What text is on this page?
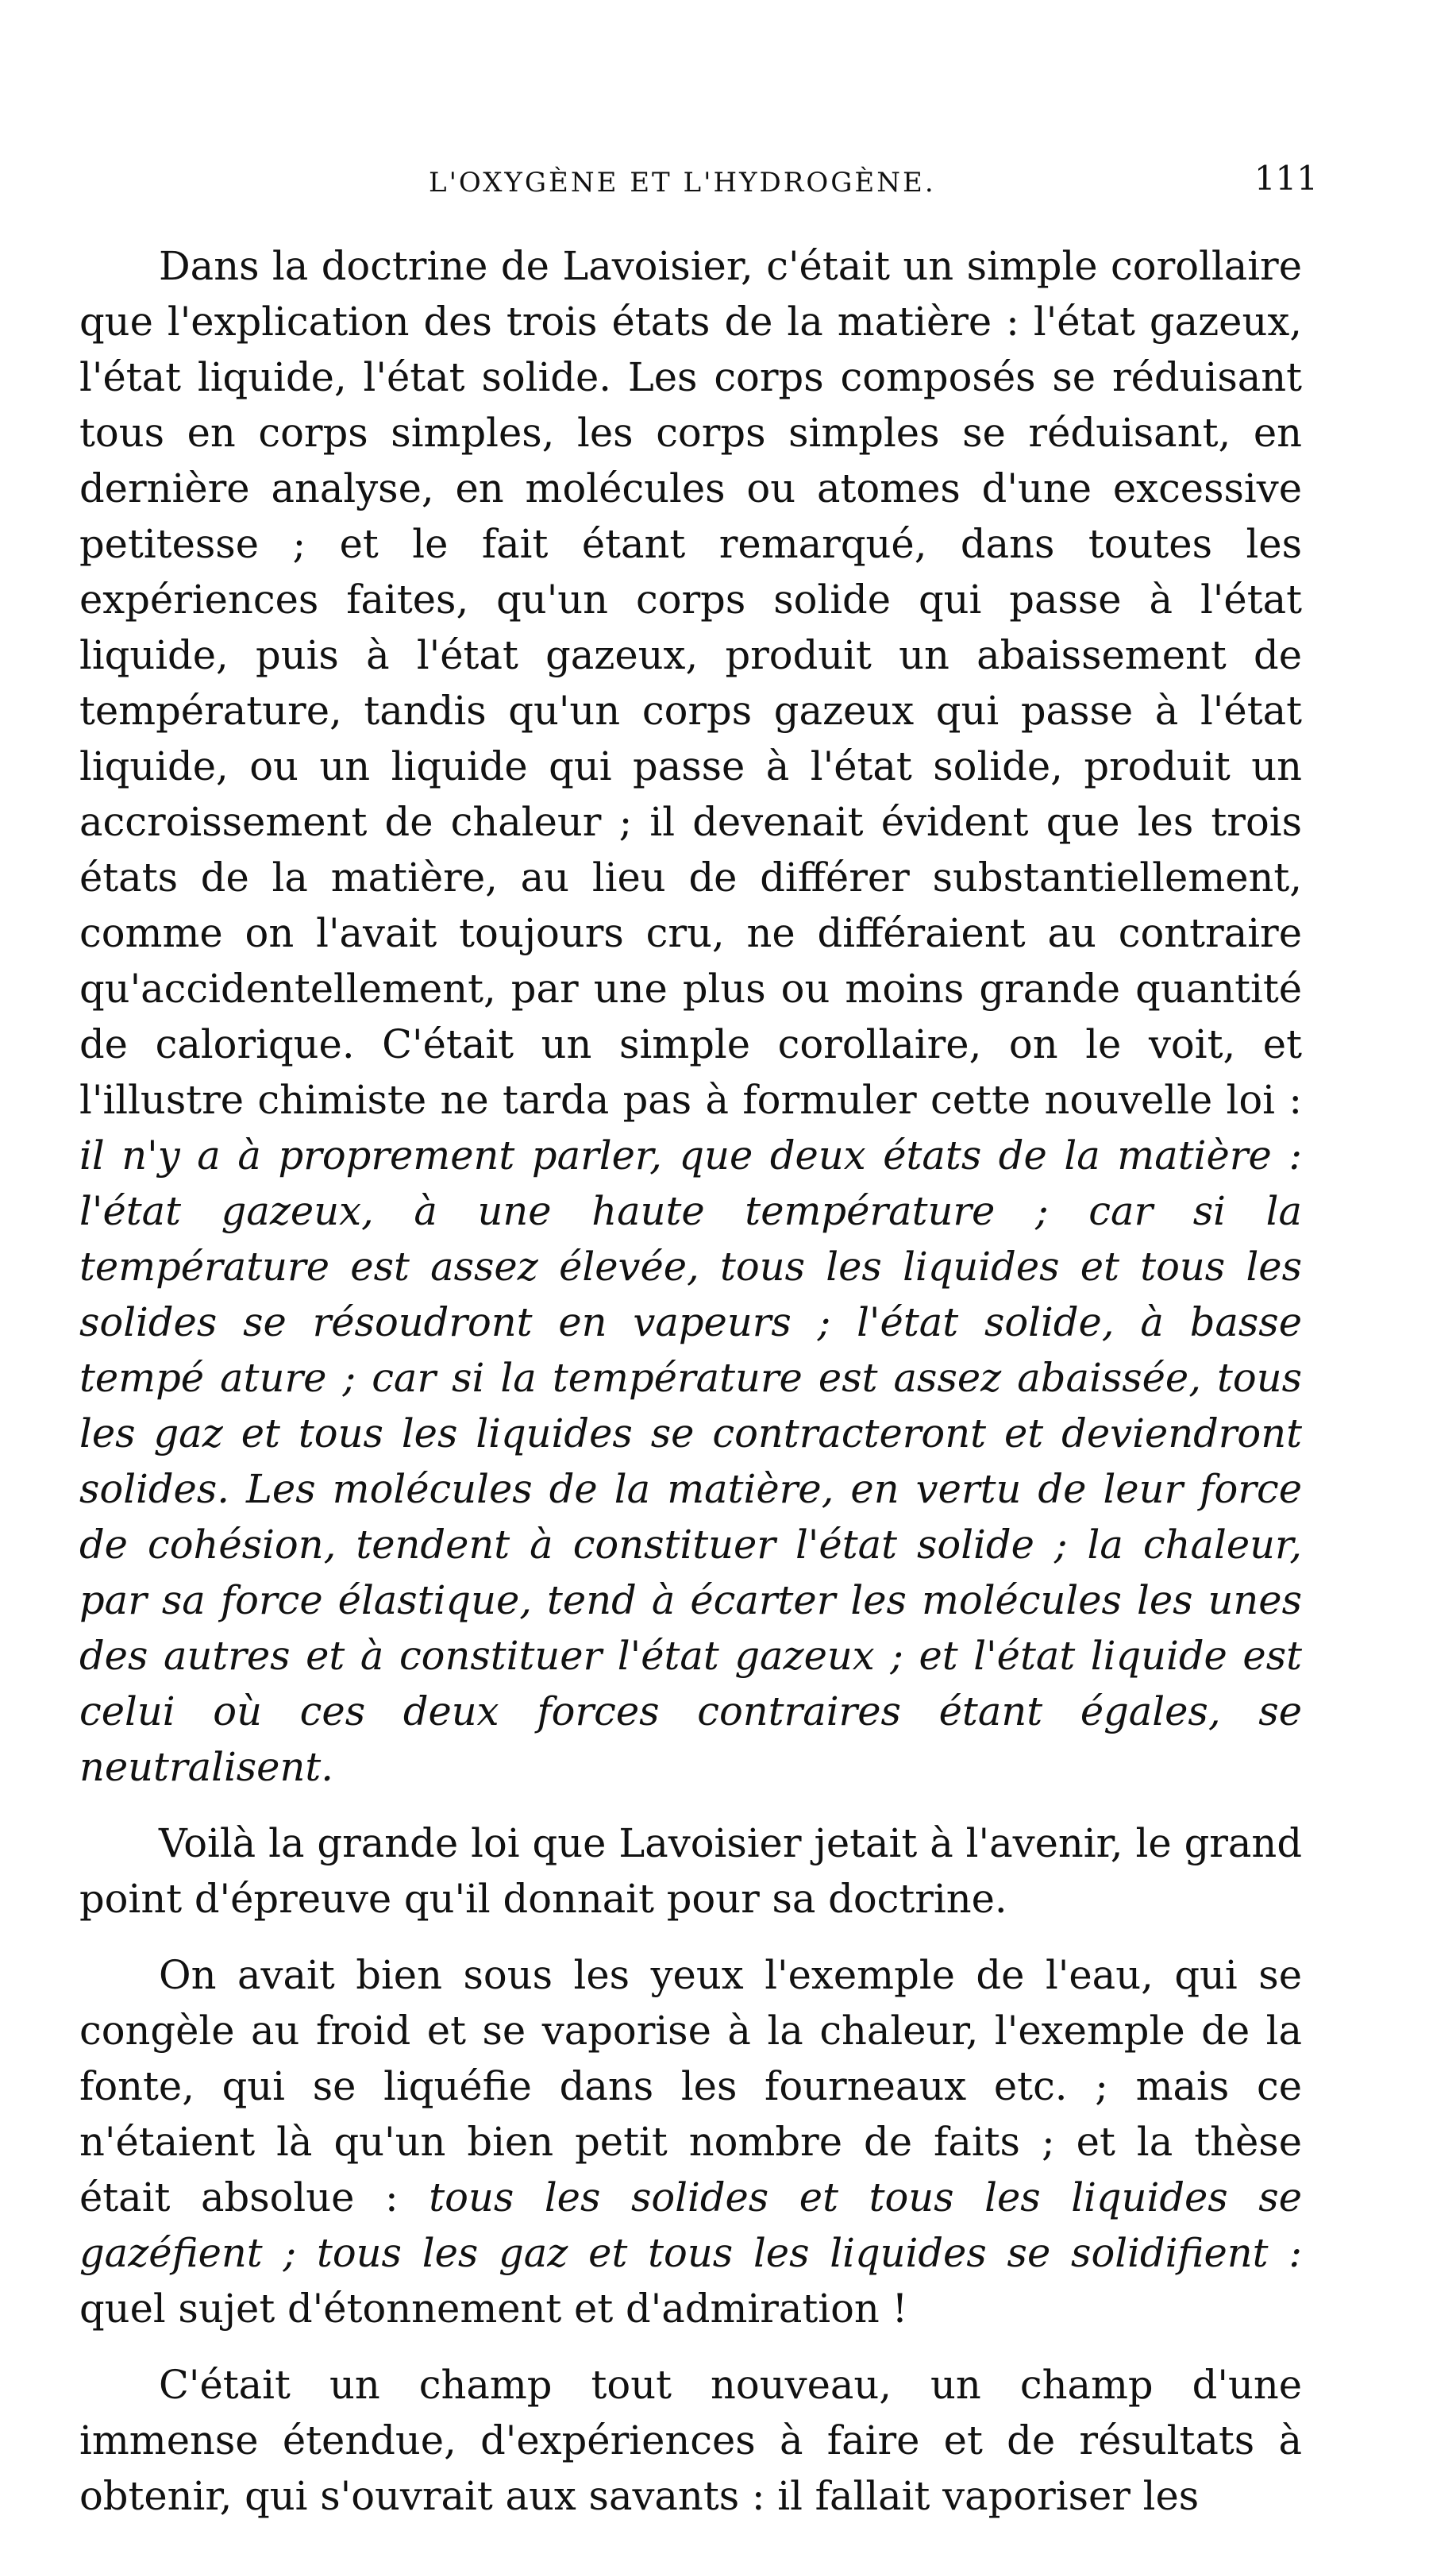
L'OXYGÈNE ET L'HYDROGÈNE.	111

Dans la doctrine de Lavoisier, c'était un simple corollaire que l'explication des trois états de la matière : l'état gazeux, l'état liquide, l'état solide. Les corps composés se réduisant tous en corps simples, les corps simples se réduisant, en dernière analyse, en molécules ou atomes d'une excessive petitesse ; et le fait étant remarqué, dans toutes les expériences faites, qu'un corps solide qui passe à l'état liquide, puis à l'état gazeux, produit un abaissement de température, tandis qu'un corps gazeux qui passe à l'état liquide, ou un liquide qui passe à l'état solide, produit un accroissement de chaleur ; il devenait évident que les trois états de la matière, au lieu de différer substantiellement, comme on l'avait toujours cru, ne différaient au contraire qu'accidentellement, par une plus ou moins grande quantité de calorique. C'était un simple corollaire, on le voit, et l'illustre chimiste ne tarda pas à formuler cette nouvelle loi : il n'y a à proprement parler, que deux états de la matière : l'état gazeux, à une haute température ; car si la température est assez élevée, tous les liquides et tous les solides se résoudront en vapeurs ; l'état solide, à basse tempé ature ; car si la température est assez abaissée, tous les gaz et tous les liquides se contracteront et deviendront solides. Les molécules de la matière, en vertu de leur force de cohésion, tendent à constituer l'état solide ; la chaleur, par sa force élastique, tend à écarter les molécules les unes des autres et à constituer l'état gazeux ; et l'état liquide est celui où ces deux forces contraires étant égales, se neutralisent.

Voilà la grande loi que Lavoisier jetait à l'avenir, le grand point d'épreuve qu'il donnait pour sa doctrine.

On avait bien sous les yeux l'exemple de l'eau, qui se congèle au froid et se vaporise à la chaleur, l'exemple de la fonte, qui se liquéfie dans les fourneaux etc. ; mais ce n'étaient là qu'un bien petit nombre de faits ; et la thèse était absolue : tous les solides et tous les liquides se gazéfient ; tous les gaz et tous les liquides se solidifient : quel sujet d'étonnement et d'admiration !

C'était un champ tout nouveau, un champ d'une immense étendue, d'expériences à faire et de résultats à obtenir, qui s'ouvrait aux savants : il fallait vaporiser les
